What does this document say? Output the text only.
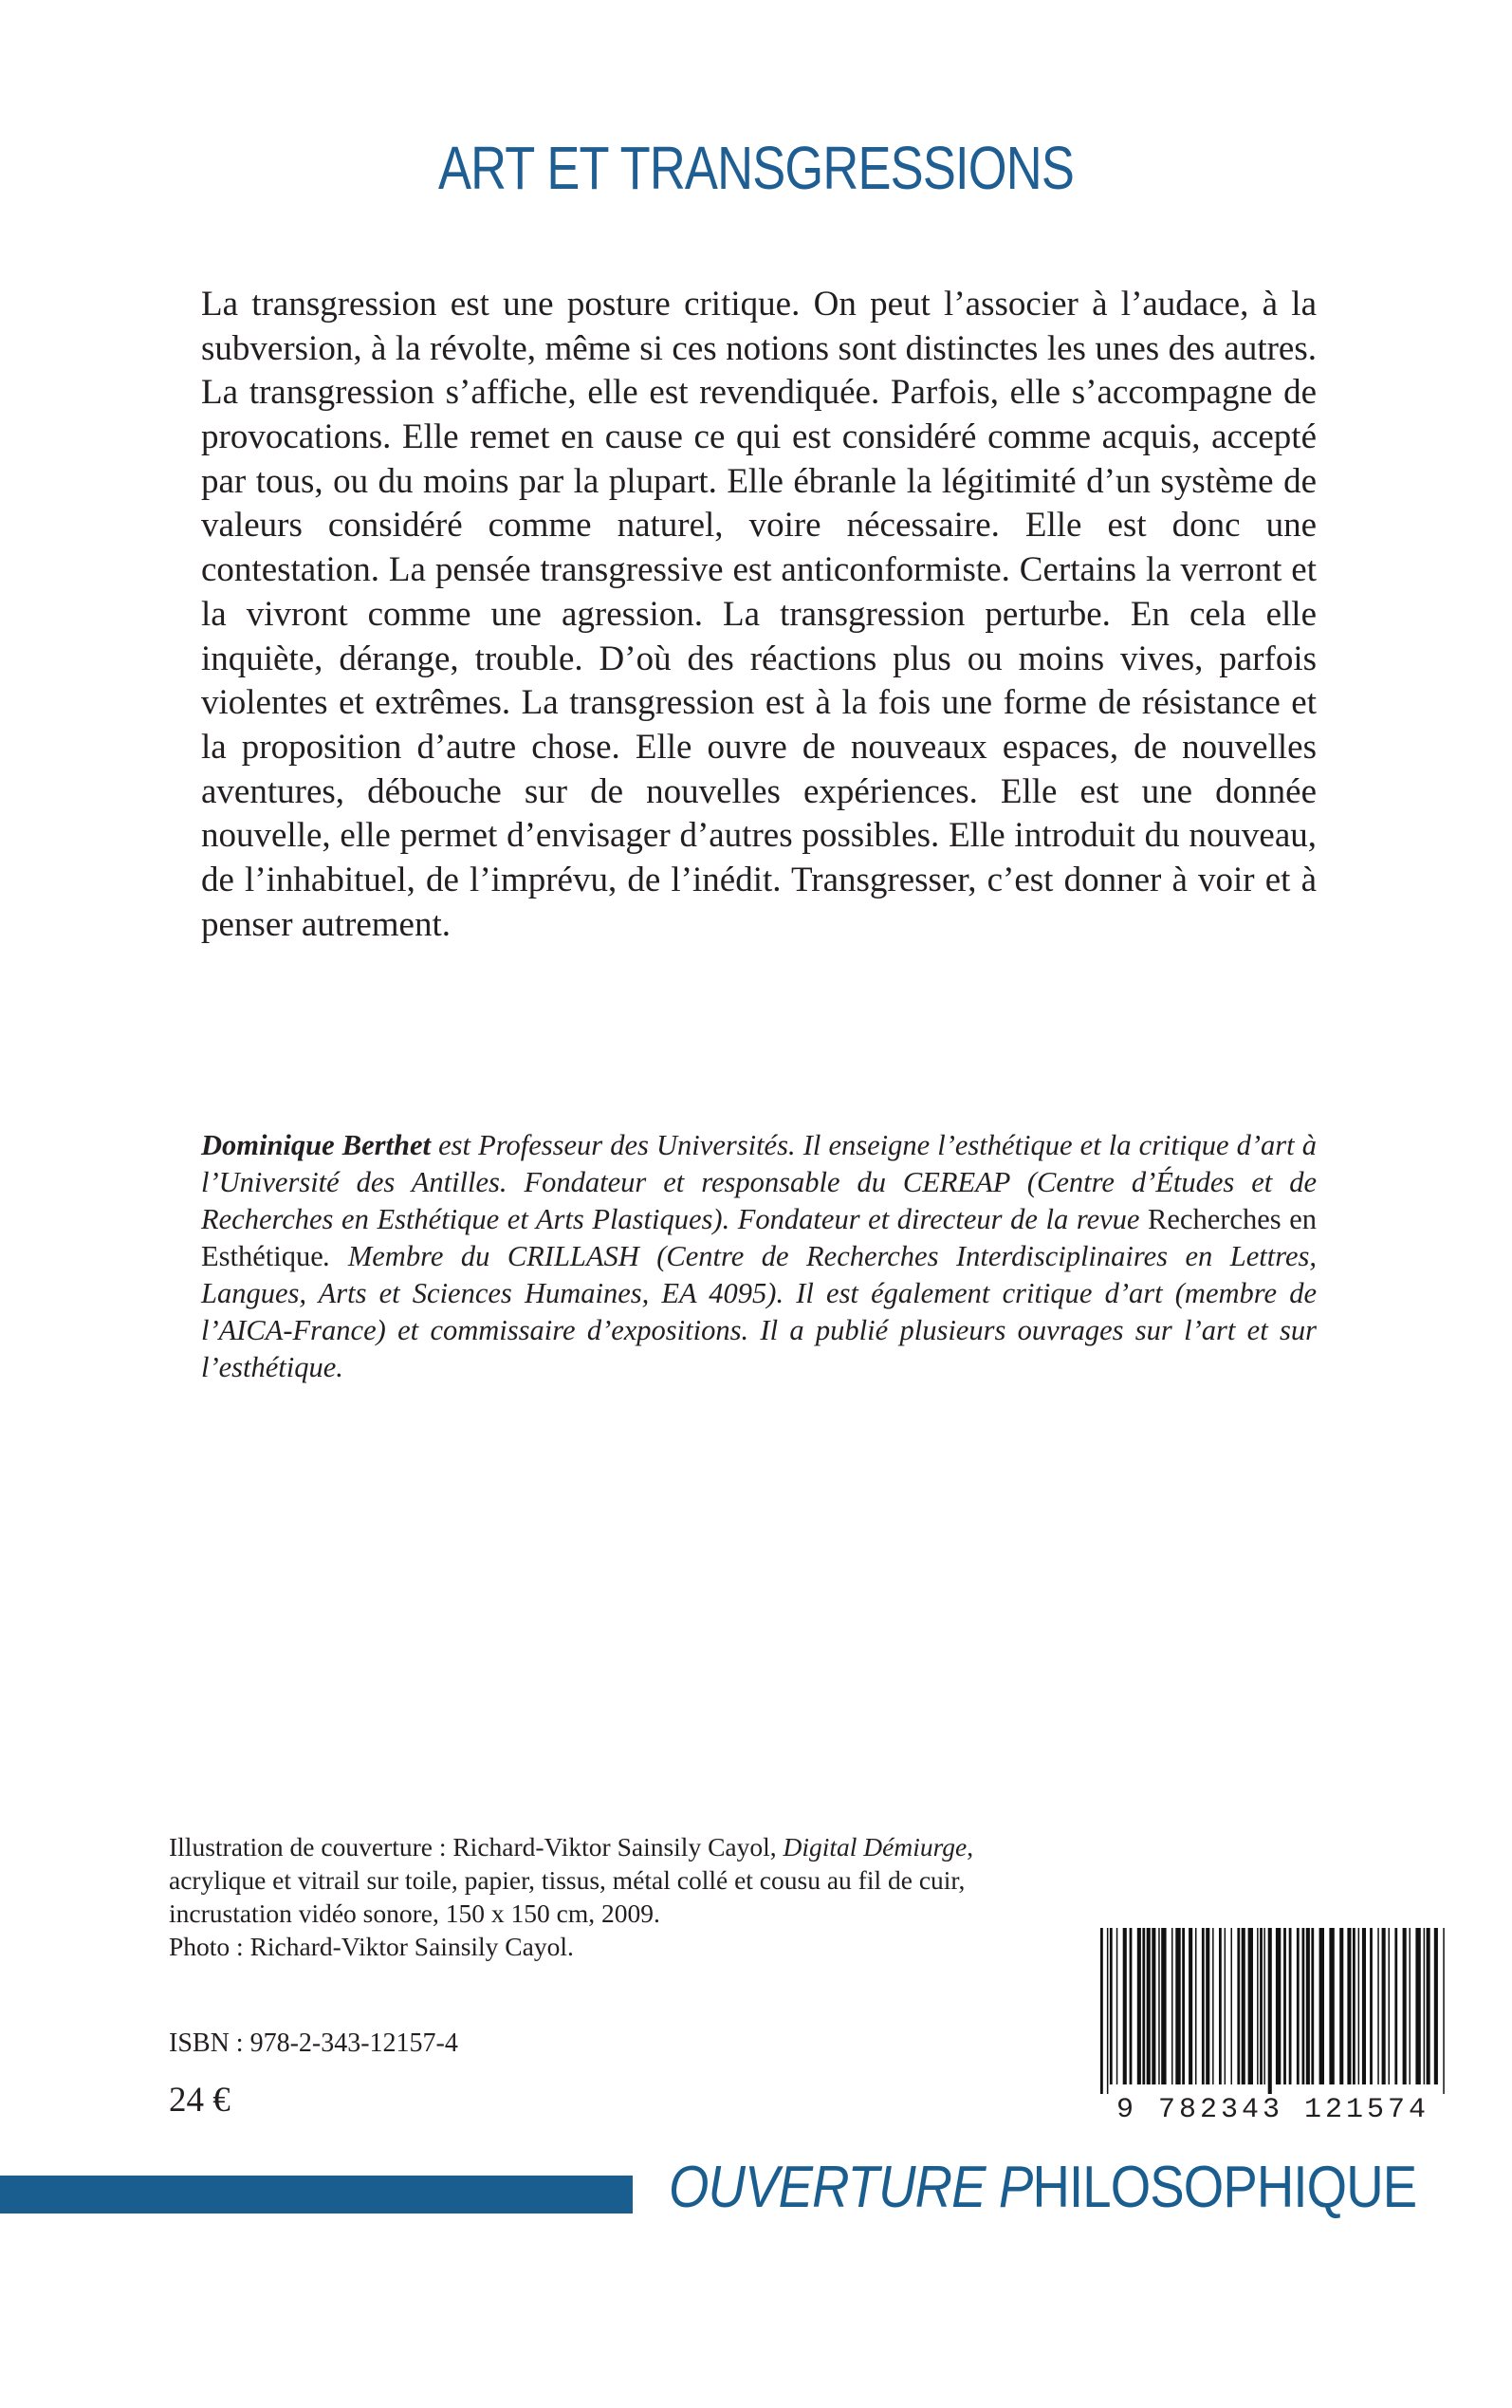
ART ET TRANSGRESSIONS

La transgression est une posture critique. On peut l’associer à l’audace, à la subversion, à la révolte, même si ces notions sont distinctes les unes des autres. La transgression s’affiche, elle est revendiquée. Parfois, elle s’accompagne de provocations. Elle remet en cause ce qui est considéré comme acquis, accepté par tous, ou du moins par la plupart. Elle ébranle la légitimité d’un système de valeurs considéré comme naturel, voire nécessaire. Elle est donc une contestation. La pensée transgressive est anticonformiste. Certains la verront et la vivront comme une agression. La transgression perturbe. En cela elle inquiète, dérange, trouble. D’où des réactions plus ou moins vives, parfois violentes et extrêmes. La transgression est à la fois une forme de résistance et la proposition d’autre chose. Elle ouvre de nouveaux espaces, de nouvelles aventures, débouche sur de nouvelles expériences. Elle est une donnée nouvelle, elle permet d’envisager d’autres possibles. Elle introduit du nouveau, de l’inhabituel, de l’imprévu, de l’inédit. Transgresser, c’est donner à voir et à penser autrement.

Dominique Berthet est Professeur des Universités. Il enseigne l’esthétique et la critique d’art à l’Université des Antilles. Fondateur et responsable du CEREAP (Centre d’Études et de Recherches en Esthétique et Arts Plastiques). Fondateur et directeur de la revue Recherches en Esthétique. Membre du CRILLASH (Centre de Recherches Interdisciplinaires en Lettres, Langues, Arts et Sciences Humaines, EA 4095). Il est également critique d’art (membre de l’AICA-France) et commissaire d’expositions. Il a publié plusieurs ouvrages sur l’art et sur l’esthétique.

Illustration de couverture : Richard-Viktor Sainsily Cayol, Digital Démiurge, acrylique et vitrail sur toile, papier, tissus, métal collé et cousu au fil de cuir, incrustation vidéo sonore, 150 x 150 cm, 2009.
Photo : Richard-Viktor Sainsily Cayol.

ISBN : 978-2-343-12157-4
24 €	9 782343 121574
OUVERTURE PHILOSOPHIQUE
